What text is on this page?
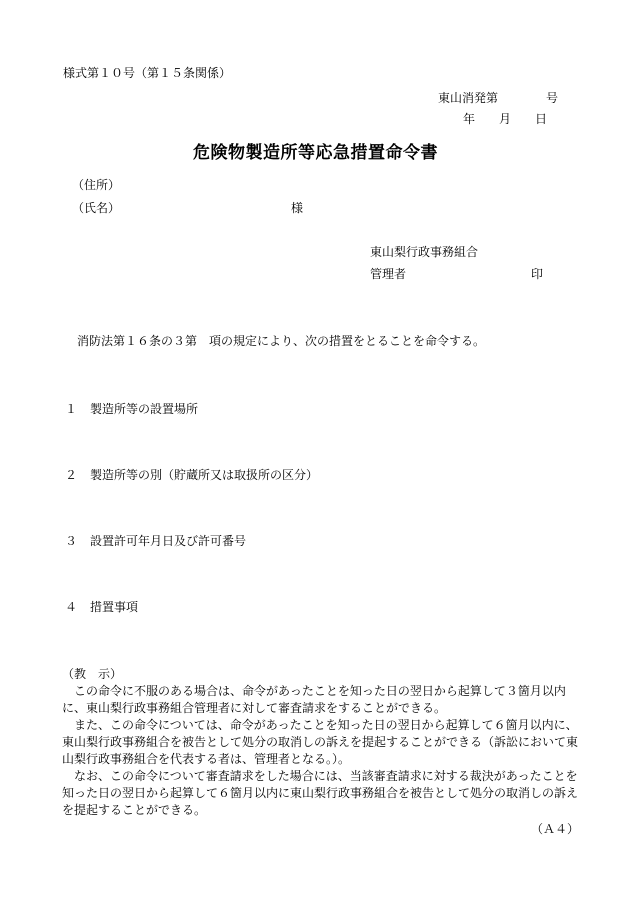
様式第１０号（第１５条関係）
東山消発第　　　　号
年　　月　　日
危険物製造所等応急措置命令書
（住所）
（氏名）	様
東山梨行政事務組合
管理者	印
消防法第１６条の３第　項の規定により、次の措置をとることを命令する。
１ 製造所等の設置場所
２ 製造所等の別（貯蔵所又は取扱所の区分）
３ 設置許可年月日及び許可番号
４ 措置事項

（教　示）

この命令に不服のある場合は、命令があったことを知った日の翌日から起算して３箇月以内に、東山梨行政事務組合管理者に対して審査請求をすることができる。

また、この命令については、命令があったことを知った日の翌日から起算して６箇月以内に、東山梨行政事務組合を被告として処分の取消しの訴えを提起することができる（訴訟において東山梨行政事務組合を代表する者は、管理者となる。）。

なお、この命令について審査請求をした場合には、当該審査請求に対する裁決があったことを知った日の翌日から起算して６箇月以内に東山梨行政事務組合を被告として処分の取消しの訴えを提起することができる。

（Ａ４）
